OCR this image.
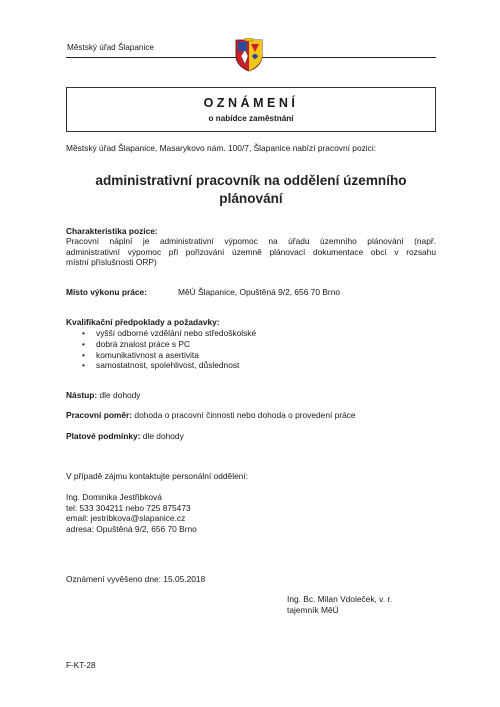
Městský úřad Šlapanice
OZNÁMENÍ
o nabídce zaměstnání
Městský úřad Šlapanice, Masarykovo nám. 100/7, Šlapanice nabízí pracovní pozici:
administrativní pracovník na oddělení územního
plánování
Charakteristika pozice:
Pracovní náplní je administrativní výpomoc na úřadu územního plánování (např.
administrativní výpomoc při pořizování územně plánovací dokumentace obcí v rozsahu
místní příslušnosti ORP)
Místo výkonu práce:	MěÚ Šlapanice, Opuštěná 9/2, 656 70 Brno
Kvalifikační předpoklady a požadavky:
• vyšší odborné vzdělání nebo středoškolské
• dobrá znalost práce s PC
• komunikativnost a asertivita
• samostatnost, spolehlivost, důslednost
Nástup: dle dohody
Pracovní poměr: dohoda o pracovní činnosti nebo dohoda o provedení práce
Platové podmínky: dle dohody
V případě zájmu kontaktujte personální oddělení:
Ing. Dominika Jestřibková
tel: 533 304211 nebo 725 875473
email: jestribkova@slapanice.cz
adresa: Opuštěná 9/2, 656 70 Brno
Oznámení vyvěšeno dne: 15.05.2018
Ing. Bc. Milan Vdoleček, v. r.
tajemník MěÚ
F-KT-28
